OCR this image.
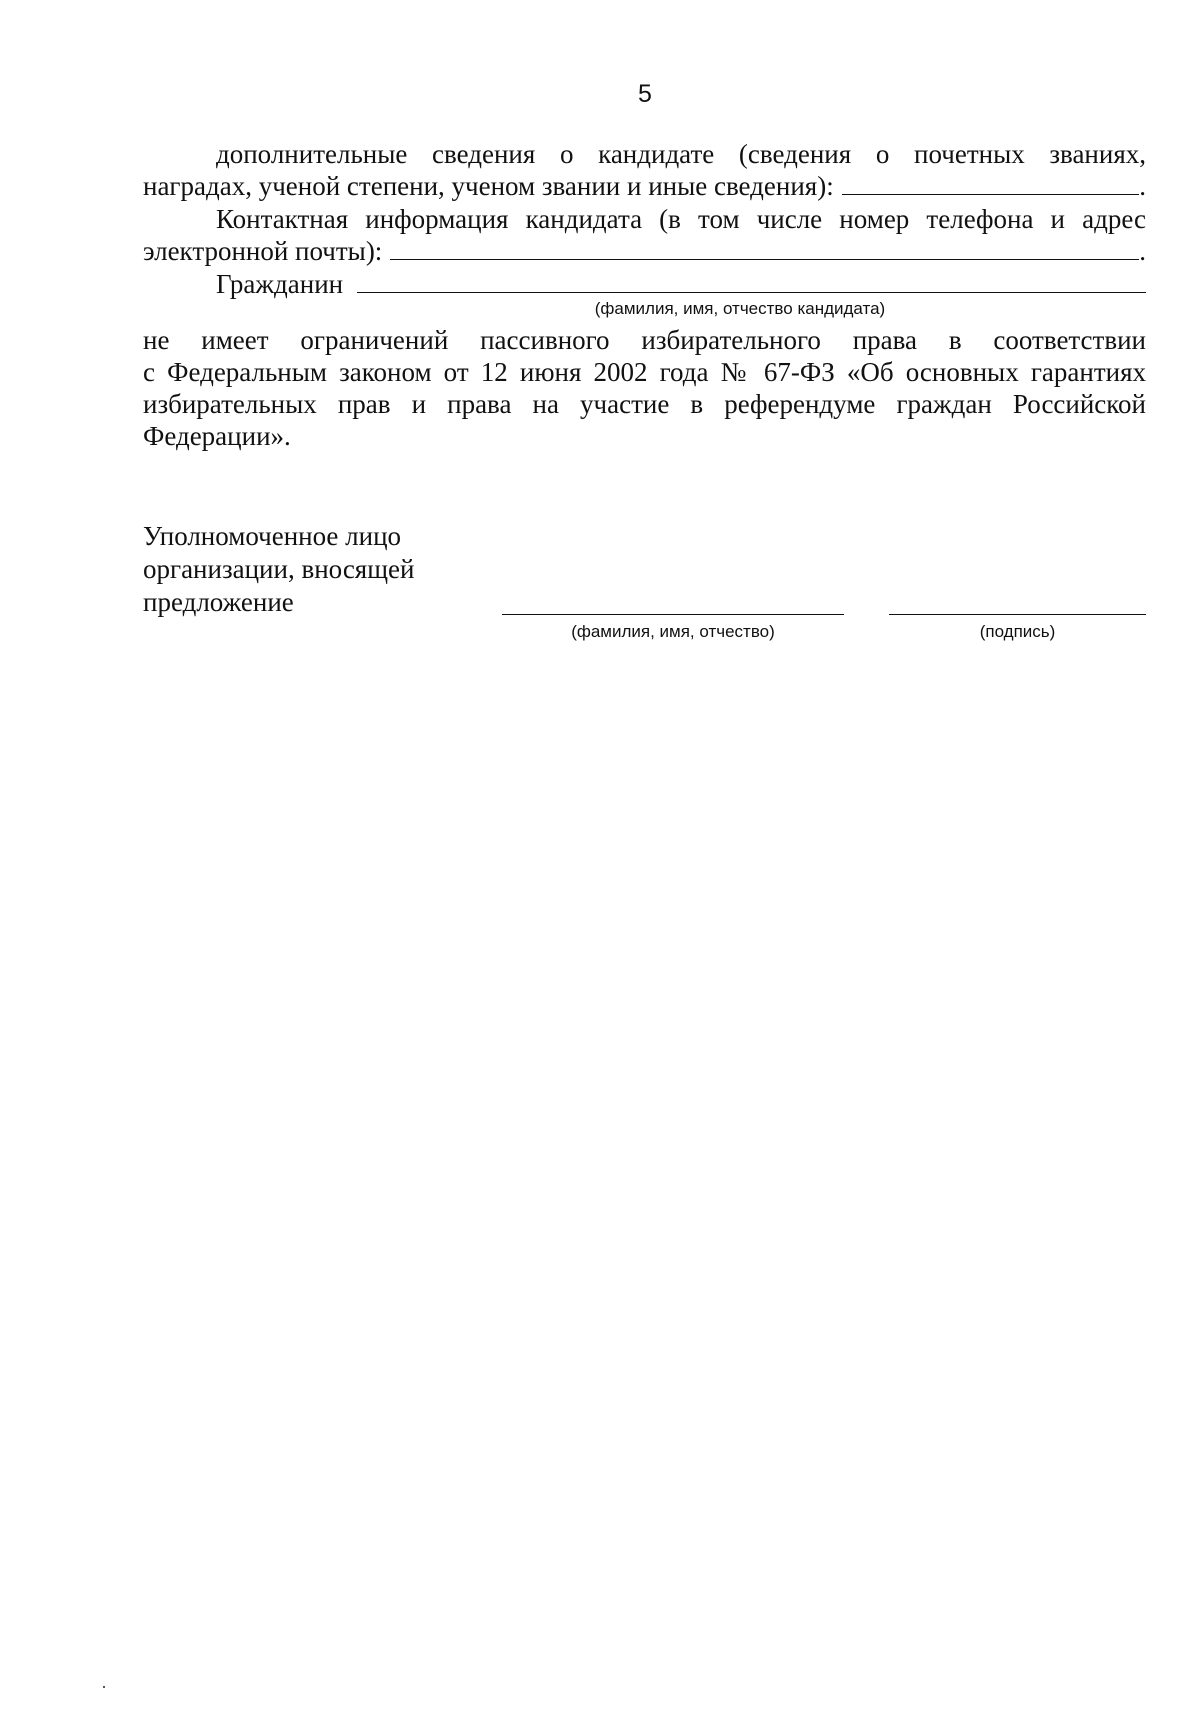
5
дополнительные сведения о кандидате (сведения о почетных званиях,
наградах, ученой степени, ученом звании и иные сведения):	.
Контактная информация кандидата (в том числе номер телефона и адрес
электронной почты):	.
Гражданин
(фамилия, имя, отчество кандидата)
не имеет ограничений пассивного избирательного права в соответствии
с Федеральным законом от 12 июня 2002 года № 67-ФЗ «Об основных гарантиях
избирательных прав и права на участие в референдуме граждан Российской
Федерации».
Уполномоченное лицо
организации, вносящей
предложение
(фамилия, имя, отчество)	(подпись)
